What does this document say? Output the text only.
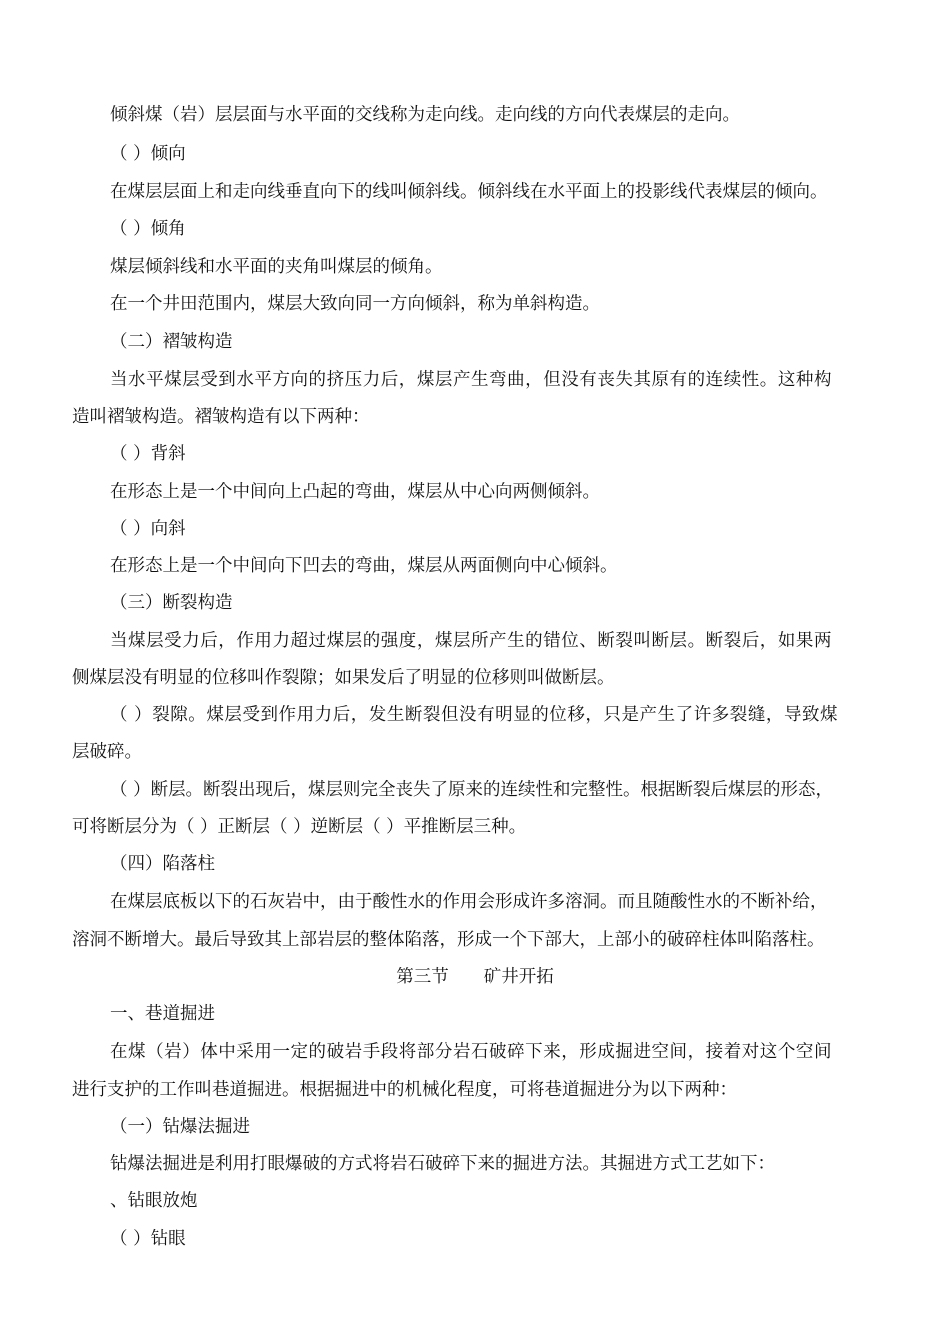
倾斜煤（岩）层层面与水平面的交线称为走向线。走向线的方向代表煤层的走向。
（ ）倾向
在煤层层面上和走向线垂直向下的线叫倾斜线。倾斜线在水平面上的投影线代表煤层的倾向。
（ ）倾角
煤层倾斜线和水平面的夹角叫煤层的倾角。
在一个井田范围内，煤层大致向同一方向倾斜，称为单斜构造。
（二）褶皱构造
当水平煤层受到水平方向的挤压力后，煤层产生弯曲，但没有丧失其原有的连续性。这种构
造叫褶皱构造。褶皱构造有以下两种：
（ ）背斜
在形态上是一个中间向上凸起的弯曲，煤层从中心向两侧倾斜。
（ ）向斜
在形态上是一个中间向下凹去的弯曲，煤层从两面侧向中心倾斜。
（三）断裂构造
当煤层受力后，作用力超过煤层的强度，煤层所产生的错位、断裂叫断层。断裂后，如果两
侧煤层没有明显的位移叫作裂隙；如果发后了明显的位移则叫做断层。
（ ）裂隙。煤层受到作用力后，发生断裂但没有明显的位移，只是产生了许多裂缝，导致煤
层破碎。
（ ）断层。断裂出现后，煤层则完全丧失了原来的连续性和完整性。根据断裂后煤层的形态，
可将断层分为（ ）正断层（ ）逆断层（ ）平推断层三种。
（四）陷落柱
在煤层底板以下的石灰岩中，由于酸性水的作用会形成许多溶洞。而且随酸性水的不断补给，
溶洞不断增大。最后导致其上部岩层的整体陷落，形成一个下部大，上部小的破碎柱体叫陷落柱。
第三节　　矿井开拓
一、巷道掘进
在煤（岩）体中采用一定的破岩手段将部分岩石破碎下来，形成掘进空间，接着对这个空间
进行支护的工作叫巷道掘进。根据掘进中的机械化程度，可将巷道掘进分为以下两种：
（一）钻爆法掘进
钻爆法掘进是利用打眼爆破的方式将岩石破碎下来的掘进方法。其掘进方式工艺如下：
、钻眼放炮
（ ）钻眼
